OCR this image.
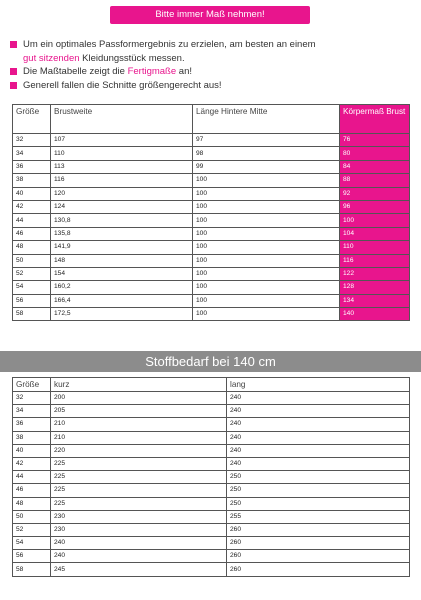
Bitte immer Maß nehmen!
Um ein optimales Passformergebnis zu erzielen, am besten an einem
gut sitzenden Kleidungsstück messen.
Die Maßtabelle zeigt die Fertigmaße an!
Generell fallen die Schnitte größengerecht aus!
Größe	Brustweite	Länge Hintere Mitte	Körpermaß Brust
32	107	97	76
34	110	98	80
36	113	99	84
38	116	100	88
40	120	100	92
42	124	100	96
44	130,8	100	100
46	135,8	100	104
48	141,9	100	110
50	148	100	116
52	154	100	122
54	160,2	100	128
56	166,4	100	134
58	172,5	100	140
Stoffbedarf bei 140 cm
Größe	kurz	lang
32	200	240
34	205	240
36	210	240
38	210	240
40	220	240
42	225	240
44	225	250
46	225	250
48	225	250
50	230	255
52	230	260
54	240	260
56	240	260
58	245	260
